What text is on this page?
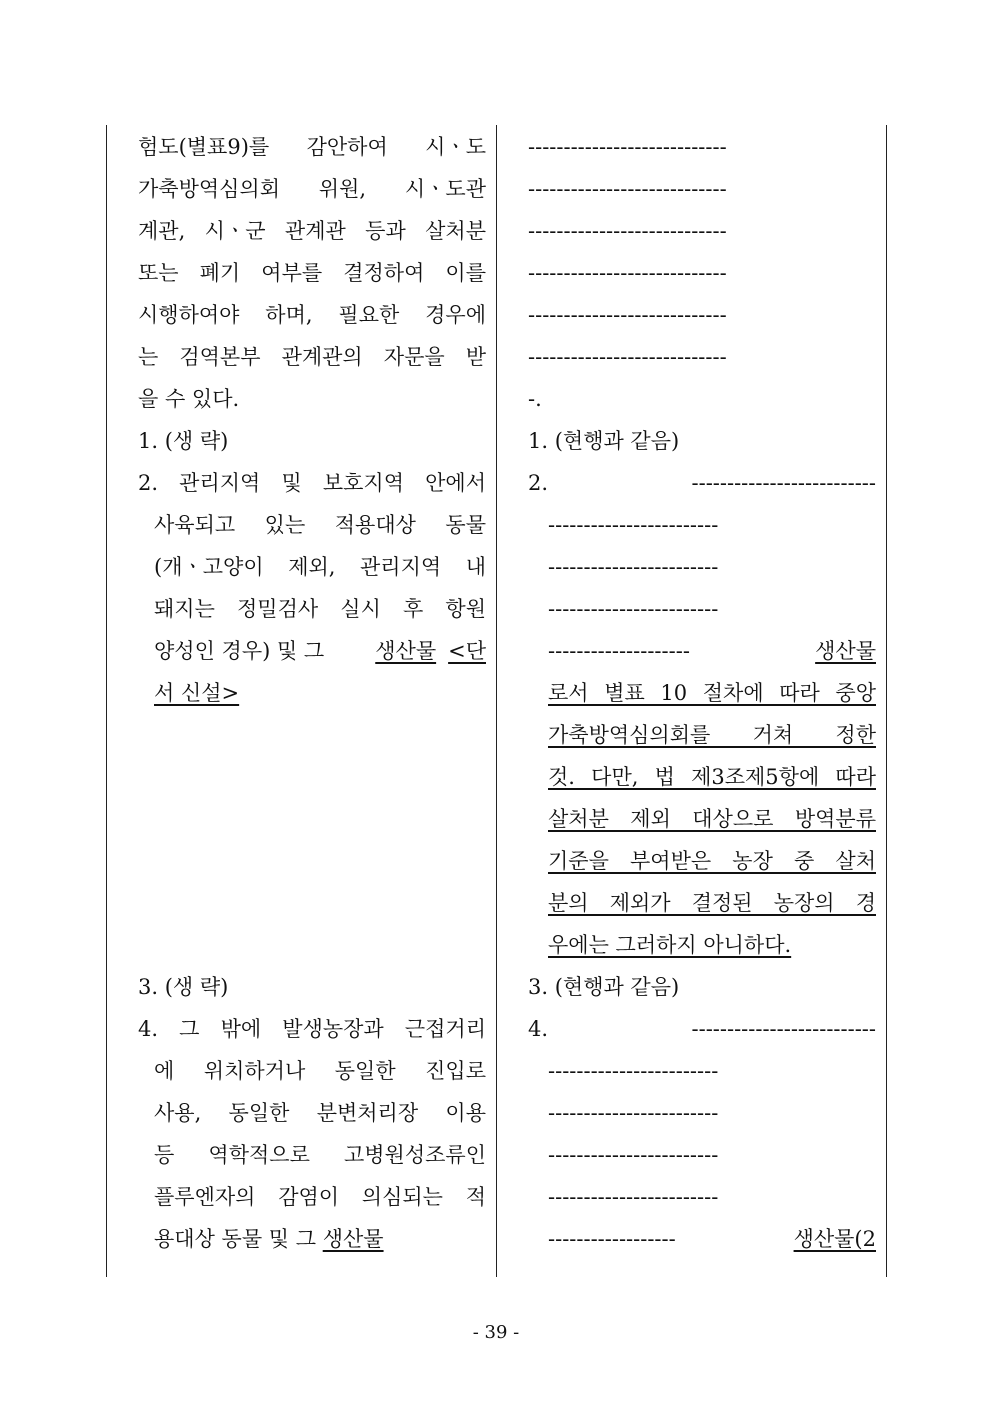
험도(별표9)를 감안하여 시ㆍ도
가축방역심의회 위원, 시ㆍ도관
계관, 시ㆍ군 관계관 등과 살처분
또는 폐기 여부를 결정하여 이를
시행하여야 하며, 필요한 경우에
는 검역본부 관계관의 자문을 받
을 수 있다.
1. (생 략)
2. 관리지역 및 보호지역 안에서
사육되고 있는 적용대상 동물
(개ㆍ고양이 제외, 관리지역 내
돼지는 정밀검사 실시 후 항원
양성인 경우) 및 그 생산물 <단
서 신설>
3. (생 략)
4. 그 밖에 발생농장과 근접거리
에 위치하거나 동일한 진입로
사용, 동일한 분변처리장 이용
등 역학적으로 고병원성조류인
플루엔자의 감염이 의심되는 적
용대상 동물 및 그 생산물
----------------------------
----------------------------
----------------------------
----------------------------
----------------------------
----------------------------
-.
1. (현행과 같음)
2.	--------------------------
------------------------
------------------------
------------------------
--------------------	생산물
로서 별표 10 절차에 따라 중앙
가축방역심의회를 거쳐 정한
것. 다만, 법 제3조제5항에 따라
살처분 제외 대상으로 방역분류
기준을 부여받은 농장 중 살처
분의 제외가 결정된 농장의 경
우에는 그러하지 아니하다.
3. (현행과 같음)
4.	--------------------------
------------------------
------------------------
------------------------
------------------------
------------------	생산물(2
- 39 -
